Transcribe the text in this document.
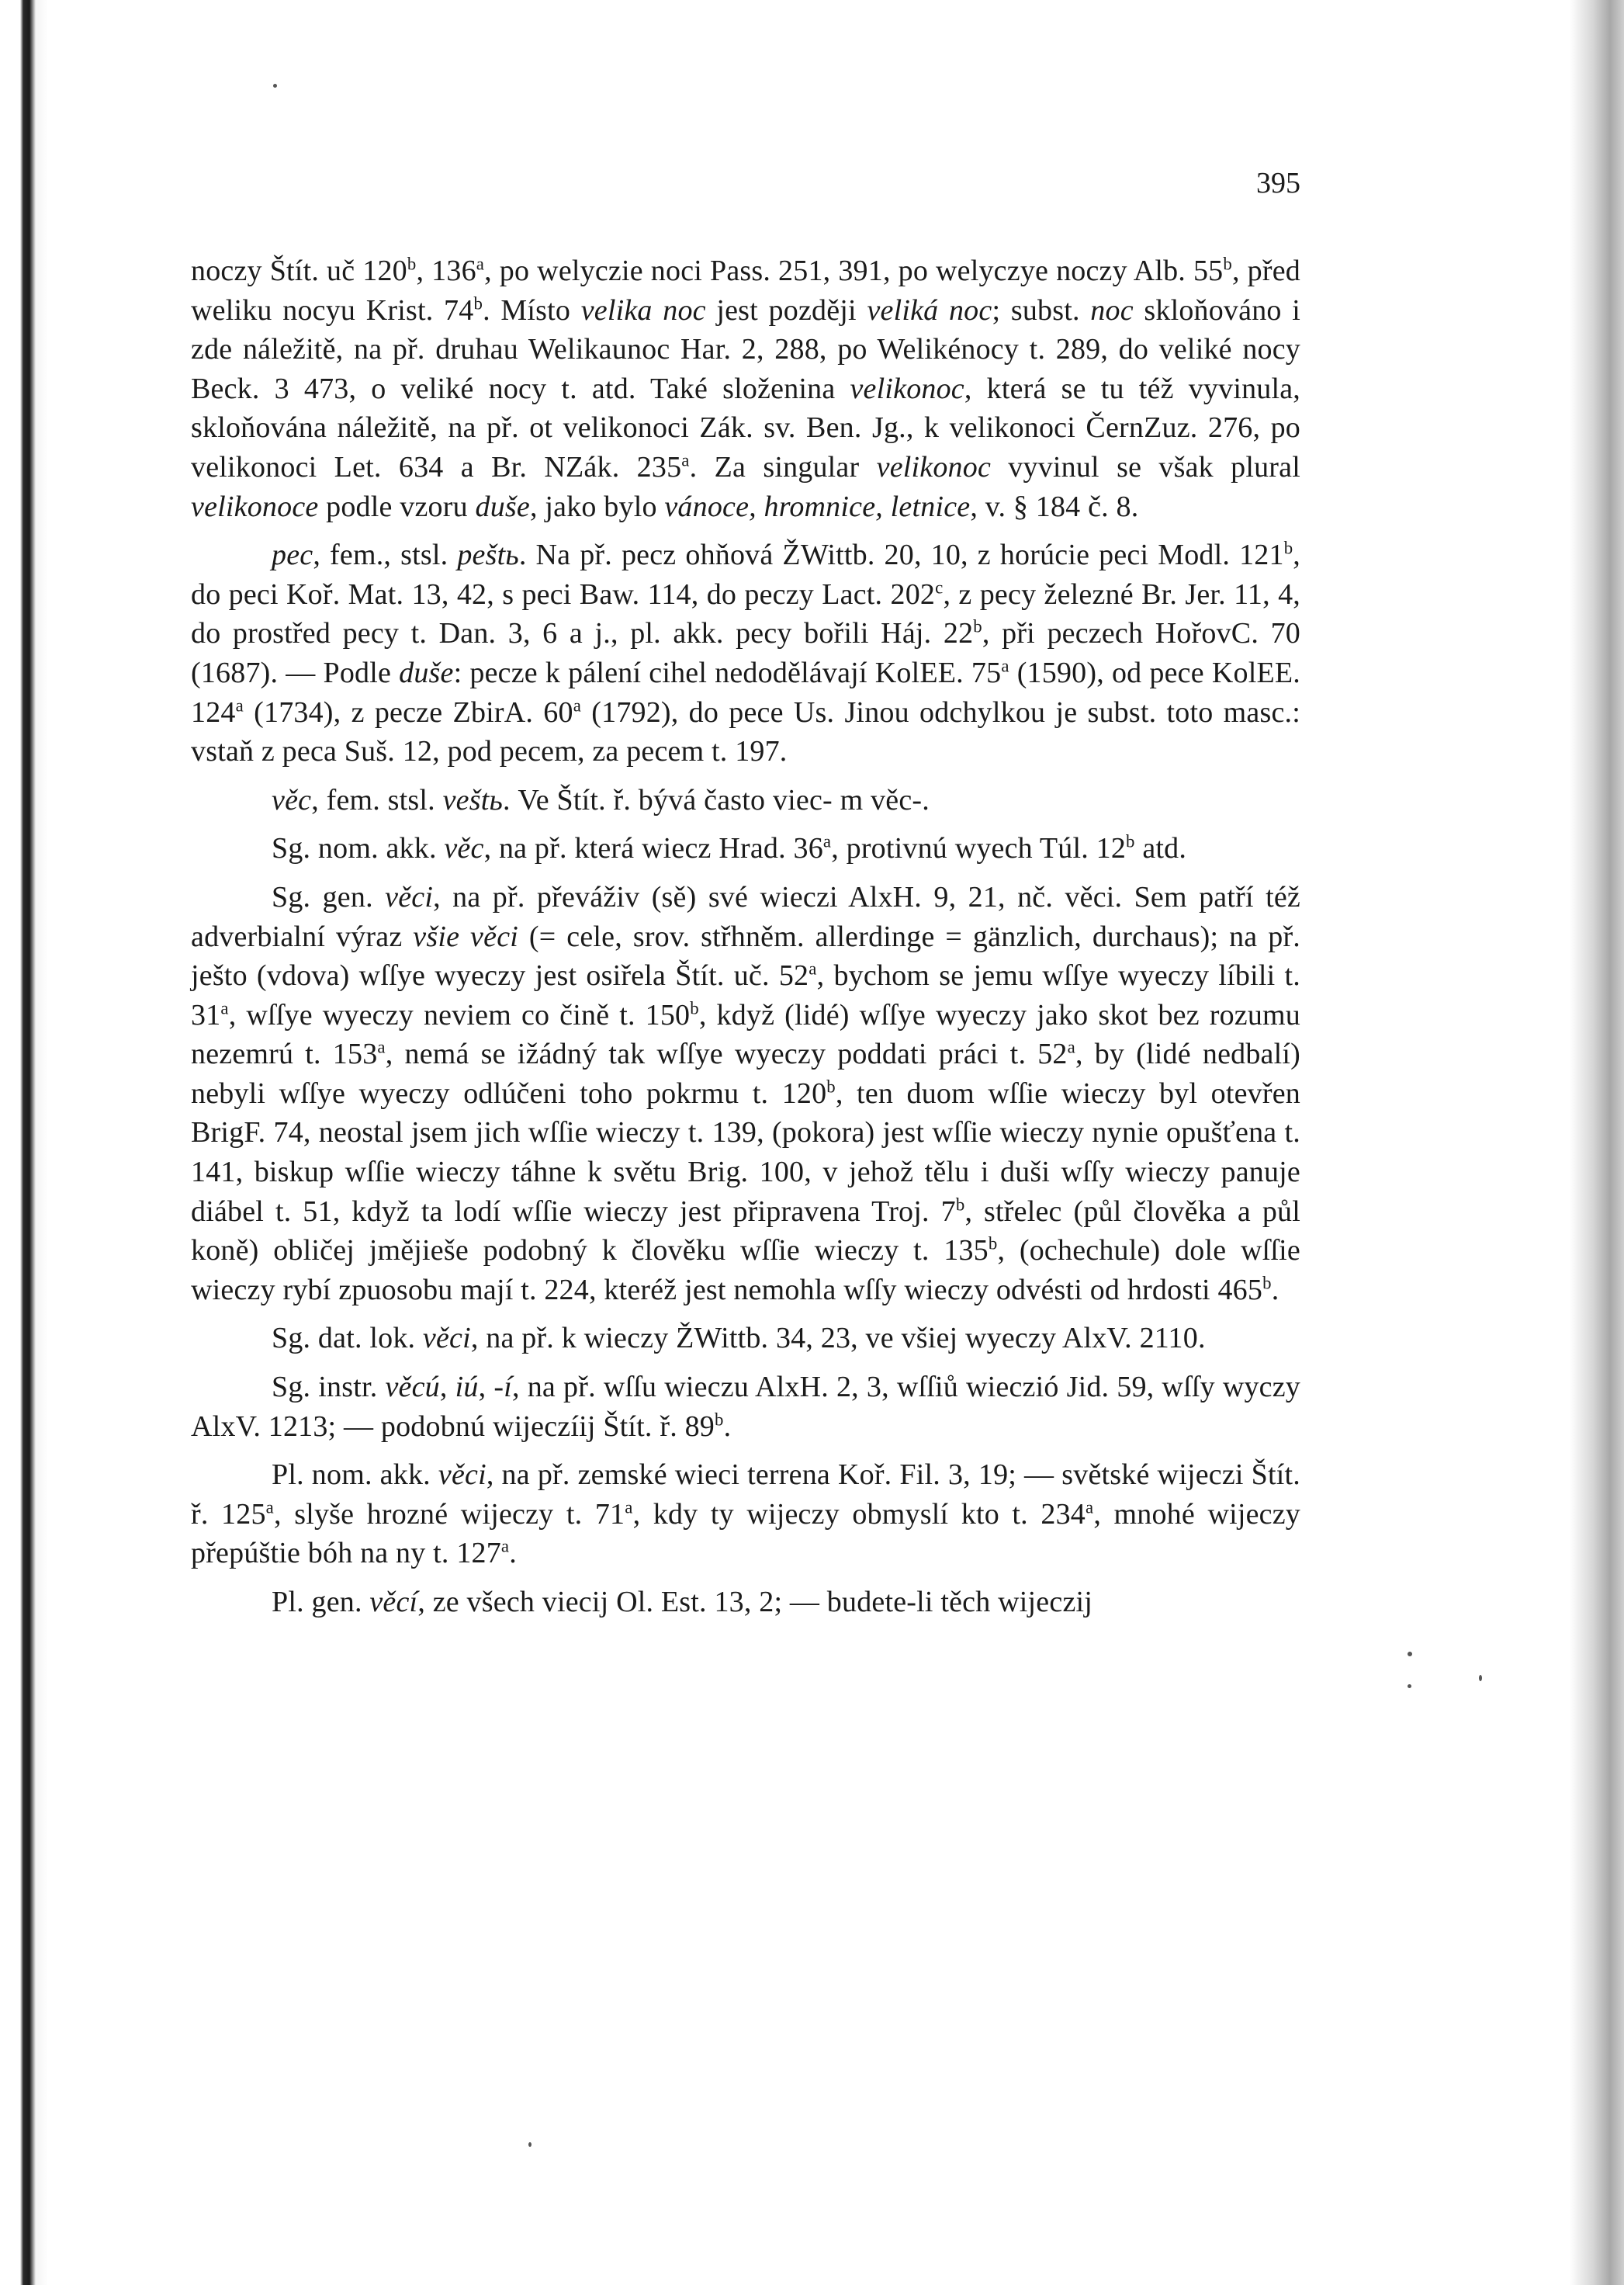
395

noczy Štít. uč 120$^b$, 136$^a$, po welyczie noci Pass. 251, 391, po welyczye noczy Alb. 55$^b$, před weliku nocyu Krist. 74$^b$. Místo velika noc jest později veliká noc; subst. noc skloňováno i zde náležitě, na př. druhau Welikaunoc Har. 2, 288, po Welikénocy t. 289, do veliké nocy Beck. 3 473, o veliké nocy t. atd. Také složenina velikonoc, která se tu též vyvinula, skloňována náležitě, na př. ot velikonoci Zák. sv. Ben. Jg., k velikonoci ČernZuz. 276, po velikonoci Let. 634 a Br. NZák. 235$^a$. Za singular velikonoc vyvinul se však plural velikonoce podle vzoru duše, jako bylo vánoce, hromnice, letnice, v. § 184 č. 8.

pec, fem., stsl. peštь. Na př. pecz ohňová ŽWittb. 20, 10, z horúcie peci Modl. 121$^b$, do peci Koř. Mat. 13, 42, s peci Baw. 114, do peczy Lact. 202$^c$, z pecy železné Br. Jer. 11, 4, do prostřed pecy t. Dan. 3, 6 a j., pl. akk. pecy bořili Háj. 22$^b$, při peczech HořovC. 70 (1687). — Podle duše: pecze k pálení cihel nedodělávají KolEE. 75$^a$ (1590), od pece KolEE. 124$^a$ (1734), z pecze ZbirA. 60$^a$ (1792), do pece Us. Jinou odchylkou je subst. toto masc.: vstaň z peca Suš. 12, pod pecem, za pecem t. 197.

věc, fem. stsl. veštь. Ve Štít. ř. bývá často viec- m věc-.

Sg. nom. akk. věc, na př. která wiecz Hrad. 36$^a$, protivnú wyech Túl. 12$^b$ atd.

Sg. gen. věci, na př. převáživ (sě) své wieczi AlxH. 9, 21, nč. věci. Sem patří též adverbialní výraz všie věci (= cele, srov. střhněm. allerdinge = gänzlich, durchaus); na př. ješto (vdova) wſſye wyeczy jest osiřela Štít. uč. 52$^a$, bychom se jemu wſſye wyeczy líbili t. 31$^a$, wſſye wyeczy neviem co čině t. 150$^b$, když (lidé) wſſye wyeczy jako skot bez rozumu nezemrú t. 153$^a$, nemá se ižádný tak wſſye wyeczy poddati práci t. 52$^a$, by (lidé nedbalí) nebyli wſſye wyeczy odlúčeni toho pokrmu t. 120$^b$, ten duom wſſie wieczy byl otevřen BrigF. 74, neostal jsem jich wſſie wieczy t. 139, (pokora) jest wſſie wieczy nynie opušťena t. 141, biskup wſſie wieczy táhne k světu Brig. 100, v jehož tělu i duši wſſy wieczy panuje diábel t. 51, když ta lodí wſſie wieczy jest připravena Troj. 7$^b$, střelec (půl člověka a půl koně) obličej jmějieše podobný k člověku wſſie wieczy t. 135$^b$, (ochechule) dole wſſie wieczy rybí zpuosobu mají t. 224, kteréž jest nemohla wſſy wieczy odvésti od hrdosti 465$^b$.

Sg. dat. lok. věci, na př. k wieczy ŽWittb. 34, 23, ve všiej wyeczy AlxV. 2110.

Sg. instr. věcú, iú, -í, na př. wſſu wieczu AlxH. 2, 3, wſſiů wieczió Jid. 59, wſſy wyczy AlxV. 1213; — podobnú wijeczíij Štít. ř. 89$^b$.

Pl. nom. akk. věci, na př. zemské wieci terrena Koř. Fil. 3, 19; — světské wijeczi Štít. ř. 125$^a$, slyše hrozné wijeczy t. 71$^a$, kdy ty wijeczy obmyslí kto t. 234$^a$, mnohé wijeczy přepúštie bóh na ny t. 127$^a$.

Pl. gen. věcí, ze všech viecij Ol. Est. 13, 2; — budete-li těch wijeczij
